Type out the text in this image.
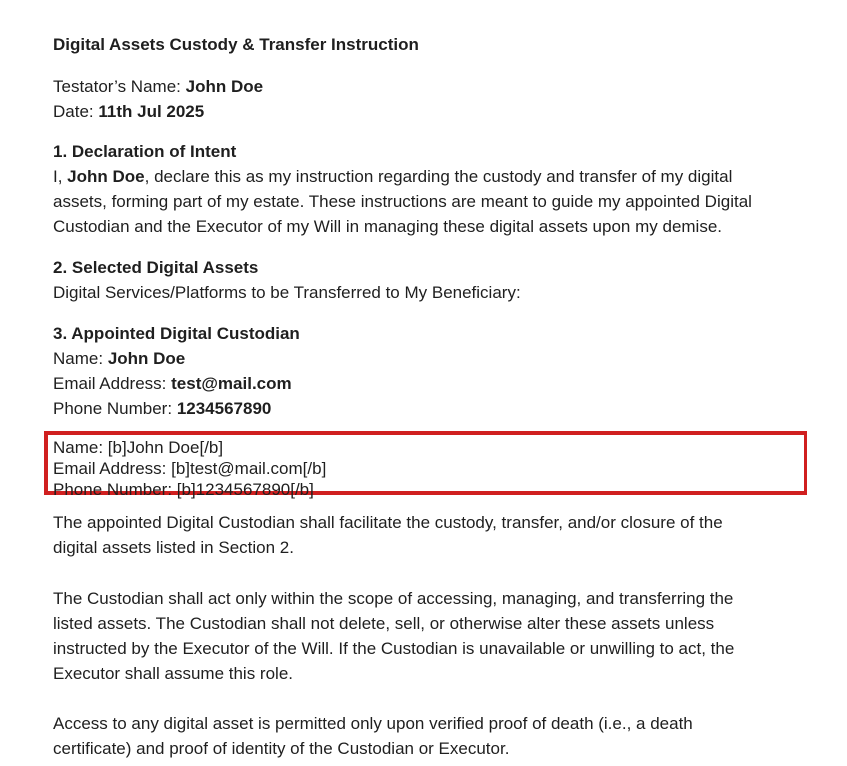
Digital Assets Custody & Transfer Instruction
Testator’s Name: John Doe
Date: 11th Jul 2025
1. Declaration of Intent
I, John Doe, declare this as my instruction regarding the custody and transfer of my digital
assets, forming part of my estate. These instructions are meant to guide my appointed Digital
Custodian and the Executor of my Will in managing these digital assets upon my demise.
2. Selected Digital Assets
Digital Services/Platforms to be Transferred to My Beneficiary:
3. Appointed Digital Custodian
Name: John Doe
Email Address: test@mail.com
Phone Number: 1234567890
Name: [b]John Doe[/b]
Email Address: [b]test@mail.com[/b]
Phone Number: [b]1234567890[/b]
The appointed Digital Custodian shall facilitate the custody, transfer, and/or closure of the
digital assets listed in Section 2.
The Custodian shall act only within the scope of accessing, managing, and transferring the
listed assets. The Custodian shall not delete, sell, or otherwise alter these assets unless
instructed by the Executor of the Will. If the Custodian is unavailable or unwilling to act, the
Executor shall assume this role.
Access to any digital asset is permitted only upon verified proof of death (i.e., a death
certificate) and proof of identity of the Custodian or Executor.
